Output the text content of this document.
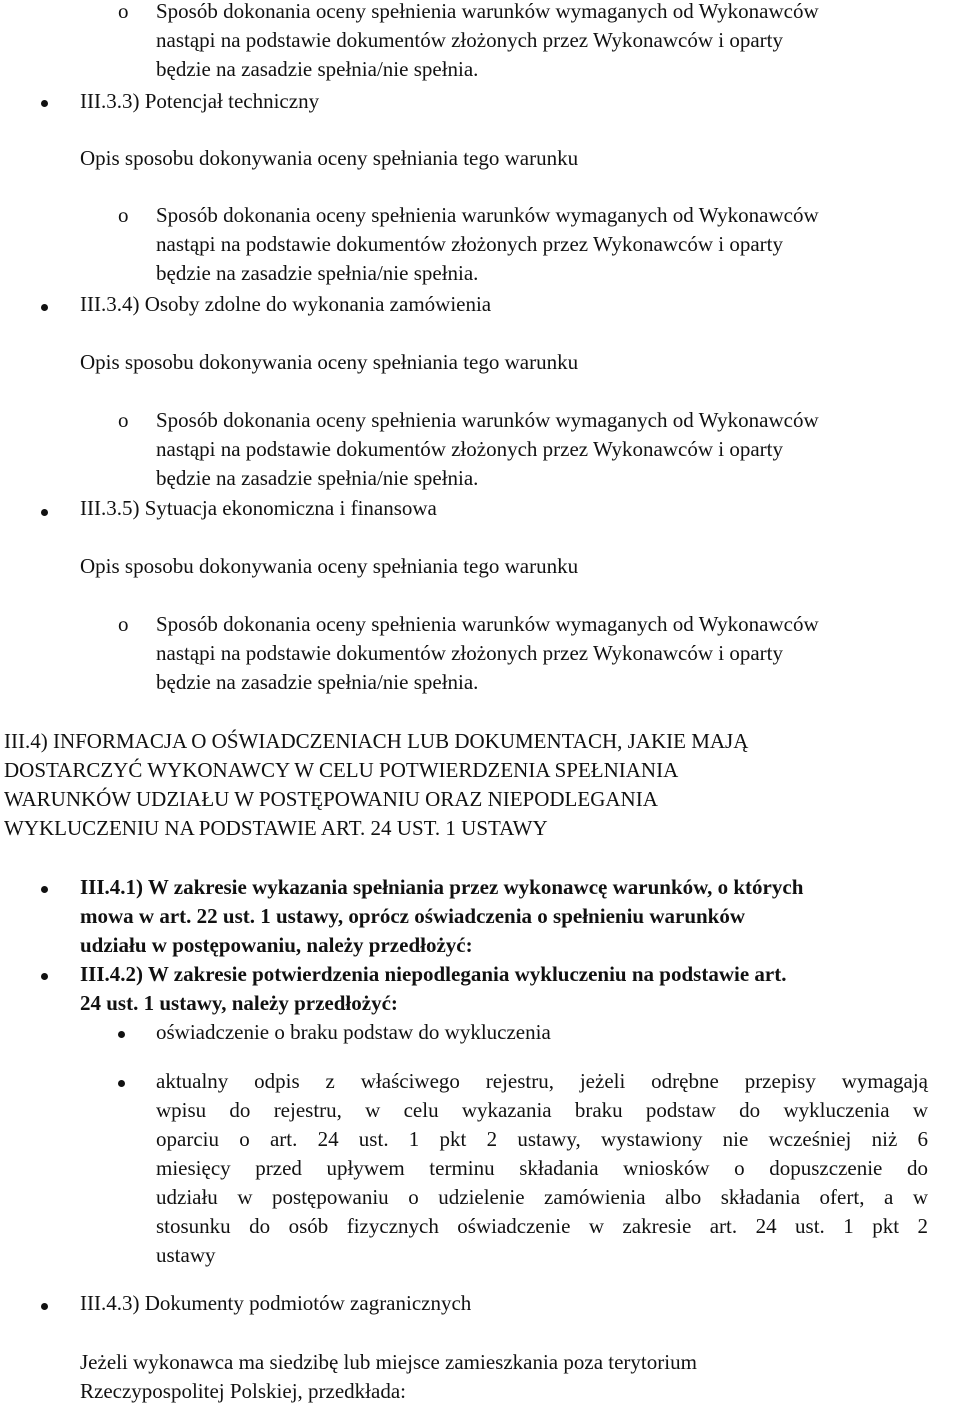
o Sposób dokonania oceny spełnienia warunków wymaganych od Wykonawców
nastąpi na podstawie dokumentów złożonych przez Wykonawców i oparty
będzie na zasadzie spełnia/nie spełnia.
III.3.3) Potencjał techniczny
Opis sposobu dokonywania oceny spełniania tego warunku
o Sposób dokonania oceny spełnienia warunków wymaganych od Wykonawców
nastąpi na podstawie dokumentów złożonych przez Wykonawców i oparty
będzie na zasadzie spełnia/nie spełnia.
III.3.4) Osoby zdolne do wykonania zamówienia
Opis sposobu dokonywania oceny spełniania tego warunku
o Sposób dokonania oceny spełnienia warunków wymaganych od Wykonawców
nastąpi na podstawie dokumentów złożonych przez Wykonawców i oparty
będzie na zasadzie spełnia/nie spełnia.
III.3.5) Sytuacja ekonomiczna i finansowa
Opis sposobu dokonywania oceny spełniania tego warunku
o Sposób dokonania oceny spełnienia warunków wymaganych od Wykonawców
nastąpi na podstawie dokumentów złożonych przez Wykonawców i oparty
będzie na zasadzie spełnia/nie spełnia.
III.4) INFORMACJA O OŚWIADCZENIACH LUB DOKUMENTACH, JAKIE MAJĄ
DOSTARCZYĆ WYKONAWCY W CELU POTWIERDZENIA SPEŁNIANIA
WARUNKÓW UDZIAŁU W POSTĘPOWANIU ORAZ NIEPODLEGANIA
WYKLUCZENIU NA PODSTAWIE ART. 24 UST. 1 USTAWY
III.4.1) W zakresie wykazania spełniania przez wykonawcę warunków, o których
mowa w art. 22 ust. 1 ustawy, oprócz oświadczenia o spełnieniu warunków
udziału w postępowaniu, należy przedłożyć:
III.4.2) W zakresie potwierdzenia niepodlegania wykluczeniu na podstawie art.
24 ust. 1 ustawy, należy przedłożyć:
oświadczenie o braku podstaw do wykluczenia
aktualny odpis z właściwego rejestru, jeżeli odrębne przepisy wymagają
wpisu do rejestru, w celu wykazania braku podstaw do wykluczenia w
oparciu o art. 24 ust. 1 pkt 2 ustawy, wystawiony nie wcześniej niż 6
miesięcy przed upływem terminu składania wniosków o dopuszczenie do
udziału w postępowaniu o udzielenie zamówienia albo składania ofert, a w
stosunku do osób fizycznych oświadczenie w zakresie art. 24 ust. 1 pkt 2
ustawy
III.4.3) Dokumenty podmiotów zagranicznych
Jeżeli wykonawca ma siedzibę lub miejsce zamieszkania poza terytorium
Rzeczypospolitej Polskiej, przedkłada:
